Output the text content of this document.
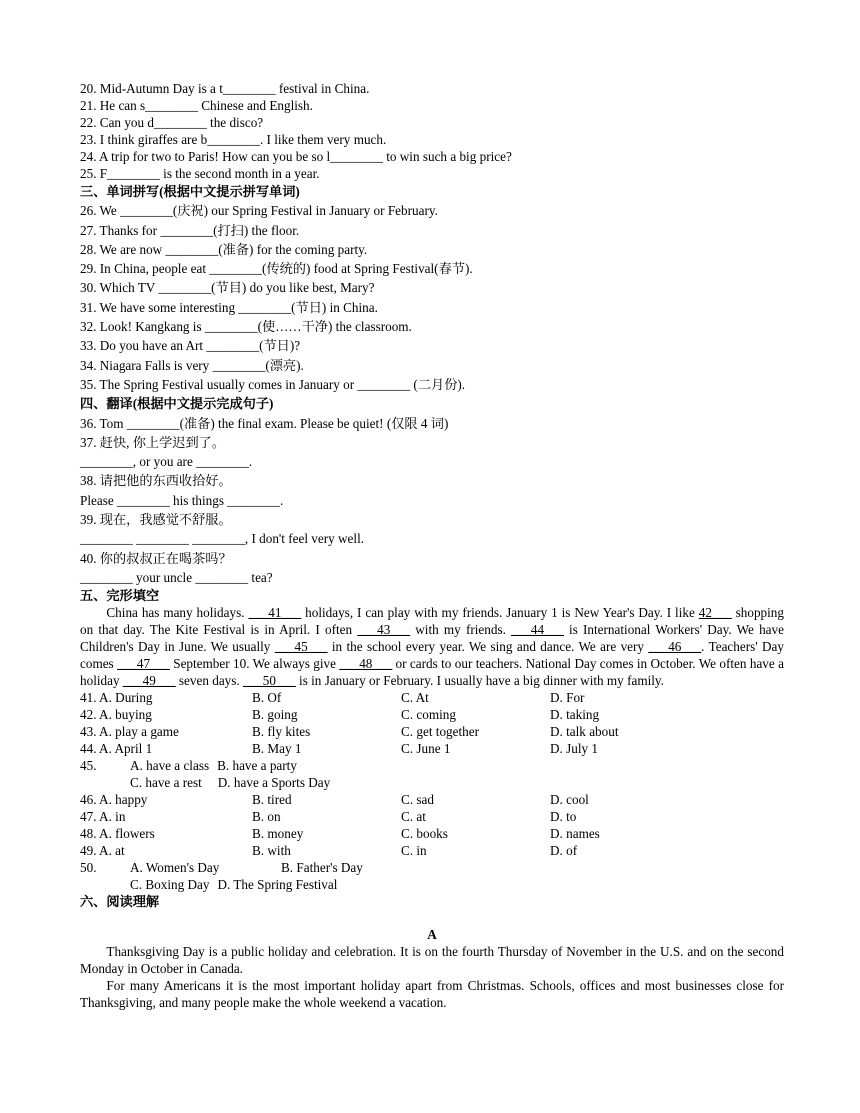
20. Mid-Autumn Day is a t________ festival in China.
21. He can s________ Chinese and English.
22. Can you d________ the disco?
23. I think giraffes are b________. I like them very much.
24. A trip for two to Paris! How can you be so l________ to win such a big price?
25. F________ is the second month in a year.
三、单词拼写(根据中文提示拼写单词)
26. We ________(庆祝) our Spring Festival in January or February.
27. Thanks for ________(打扫) the floor.
28. We are now ________(准备) for the coming party.
29. In China, people eat ________(传统的) food at Spring Festival(春节).
30. Which TV ________(节目) do you like best, Mary?
31. We have some interesting ________(节日) in China.
32. Look! Kangkang is ________(使……干净) the classroom.
33. Do you have an Art ________(节日)?
34. Niagara Falls is very ________(漂亮).
35. The Spring Festival usually comes in January or ________ (二月份).
四、翻译(根据中文提示完成句子)
36. Tom ________(准备) the final exam. Please be quiet! (仅限 4 词)
37. 赶快, 你上学迟到了。
________, or you are ________.
38. 请把他的东西收拾好。
Please ________ his things ________.
39. 现在，我感觉不舒服。
________ ________ ________, I don't feel very well.
40. 你的叔叔正在喝茶吗？
________ your uncle ________ tea?
五、完形填空
China has many holidays. ___41___ holidays, I can play with my friends. January 1 is New Year's Day. I like 42___ shopping on that day. The Kite Festival is in April. I often ___43___ with my friends. ___44___ is International Workers' Day. We have Children's Day in June. We usually ___45___ in the school every year. We sing and dance. We are very ___46___. Teachers' Day comes ___47___ September 10. We always give ___48___ or cards to our teachers. National Day comes in October. We often have a holiday ___49___ seven days. ___50___ is in January or February. I usually have a big dinner with my family.
41. A. During	B. Of	C. At	D. For
42. A. buying	B. going	C. coming	D. taking
43. A. play a game	B. fly kites	C. get together	D. talk about
44. A. April 1	B. May 1	C. June 1	D. July 1
45.	A. have a class B. have a party
C. have a rest D. have a Sports Day
46. A. happy	B. tired	C. sad	D. cool
47. A. in	B. on	C. at	D. to
48. A. flowers	B. money	C. books	D. names
49. A. at	B. with	C. in	D. of
50.	A. Women's Day	B. Father's Day
C. Boxing Day D. The Spring Festival
六、阅读理解
A
Thanksgiving Day is a public holiday and celebration. It is on the fourth Thursday of November in the U.S. and on the second Monday in October in Canada.
For many Americans it is the most important holiday apart from Christmas. Schools, offices and most businesses close for Thanksgiving, and many people make the whole weekend a vacation.
